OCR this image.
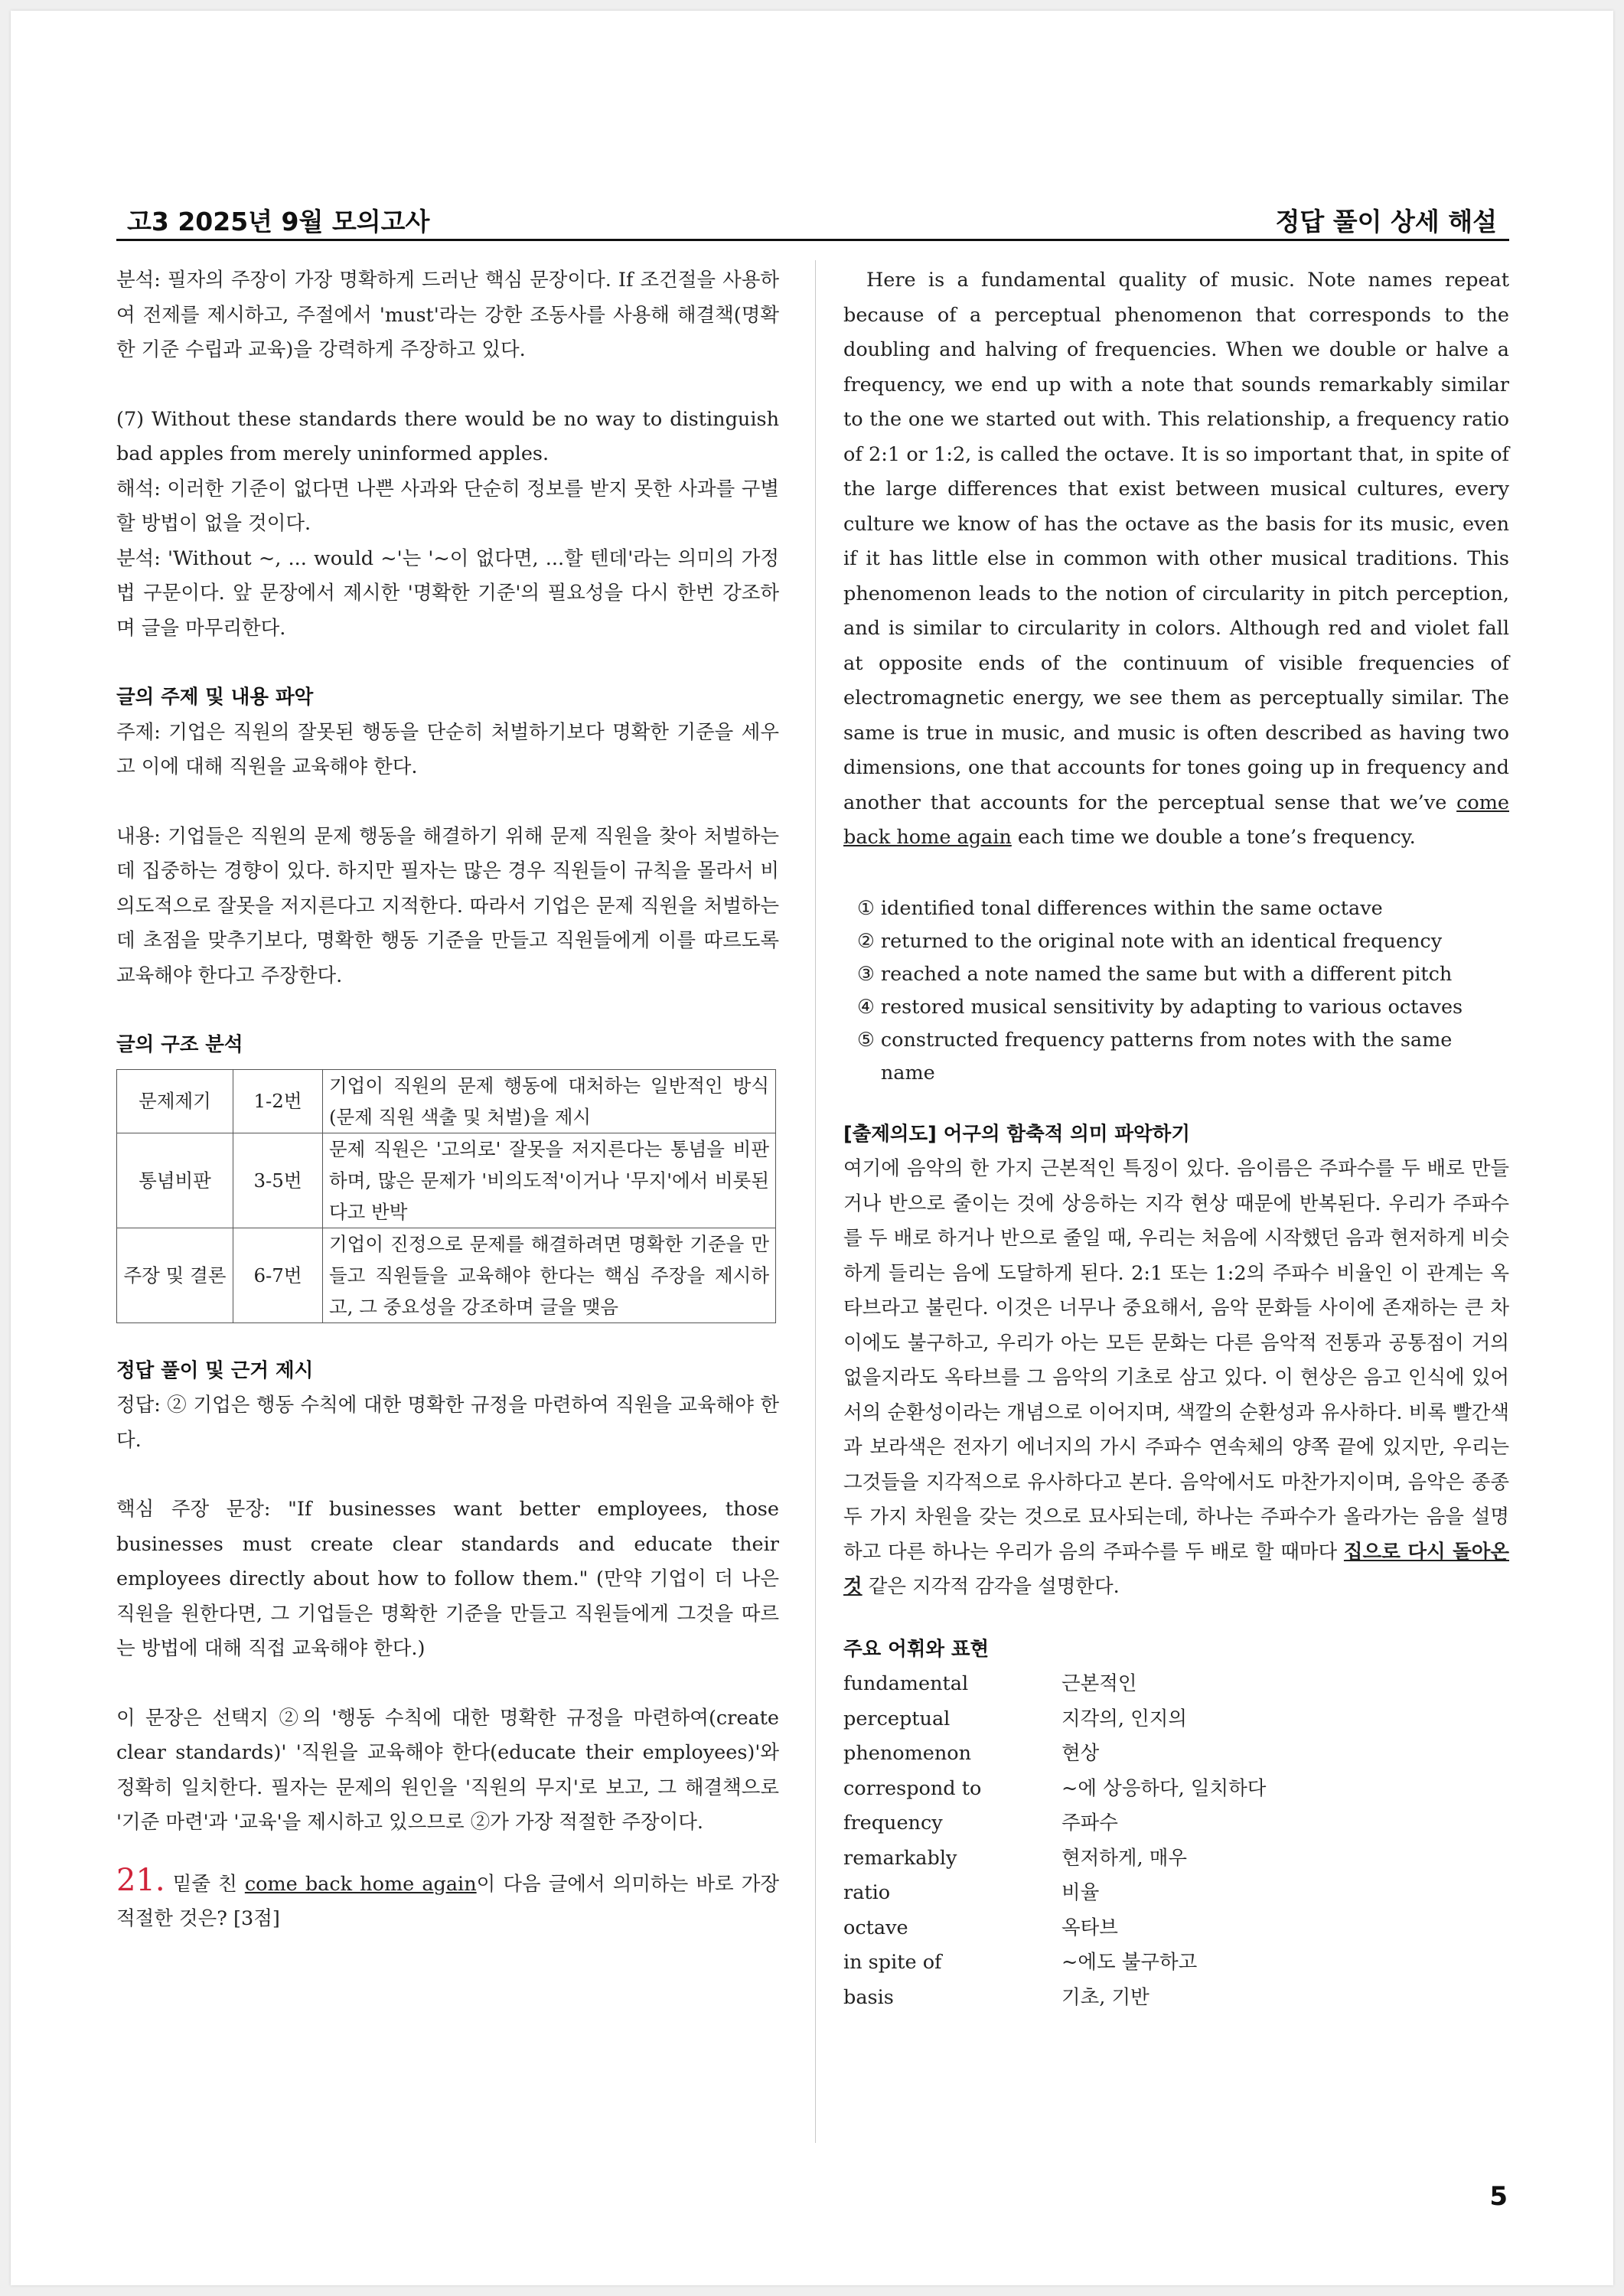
고3 2025년 9월 모의고사	정답 풀이 상세 해설

분석: 필자의 주장이 가장 명확하게 드러난 핵심 문장이다. If 조건절을 사용하여 전제를 제시하고, 주절에서 'must'라는 강한 조동사를 사용해 해결책(명확한 기준 수립과 교육)을 강력하게 주장하고 있다.

(7) Without these standards there would be no way to distinguish bad apples from merely uninformed apples.

해석: 이러한 기준이 없다면 나쁜 사과와 단순히 정보를 받지 못한 사과를 구별할 방법이 없을 것이다.

분석: 'Without ~, ... would ~'는 '~이 없다면, ...할 텐데'라는 의미의 가정법 구문이다. 앞 문장에서 제시한 '명확한 기준'의 필요성을 다시 한번 강조하며 글을 마무리한다.

글의 주제 및 내용 파악

주제: 기업은 직원의 잘못된 행동을 단순히 처벌하기보다 명확한 기준을 세우고 이에 대해 직원을 교육해야 한다.

내용: 기업들은 직원의 문제 행동을 해결하기 위해 문제 직원을 찾아 처벌하는 데 집중하는 경향이 있다. 하지만 필자는 많은 경우 직원들이 규칙을 몰라서 비의도적으로 잘못을 저지른다고 지적한다. 따라서 기업은 문제 직원을 처벌하는 데 초점을 맞추기보다, 명확한 행동 기준을 만들고 직원들에게 이를 따르도록 교육해야 한다고 주장한다.

글의 구조 분석
문제제기	1-2번	기업이 직원의 문제 행동에 대처하는 일반적인 방식(문제 직원 색출 및 처벌)을 제시
통념비판	3-5번	문제 직원은 '고의로' 잘못을 저지른다는 통념을 비판하며, 많은 문제가 '비의도적'이거나 '무지'에서 비롯된다고 반박
주장 및 결론	6-7번	기업이 진정으로 문제를 해결하려면 명확한 기준을 만들고 직원들을 교육해야 한다는 핵심 주장을 제시하고, 그 중요성을 강조하며 글을 맺음
정답 풀이 및 근거 제시

정답: ② 기업은 행동 수칙에 대한 명확한 규정을 마련하여 직원을 교육해야 한다.

핵심 주장 문장: "If businesses want better employees, those businesses must create clear standards and educate their employees directly about how to follow them." (만약 기업이 더 나은 직원을 원한다면, 그 기업들은 명확한 기준을 만들고 직원들에게 그것을 따르는 방법에 대해 직접 교육해야 한다.)

이 문장은 선택지 ②의 '행동 수칙에 대한 명확한 규정을 마련하여(create clear standards)' '직원을 교육해야 한다(educate their employees)'와 정확히 일치한다. 필자는 문제의 원인을 '직원의 무지'로 보고, 그 해결책으로 '기준 마련'과 '교육'을 제시하고 있으므로 ②가 가장 적절한 주장이다.

21. 밑줄 친 come back home again이 다음 글에서 의미하는 바로 가장 적절한 것은? [3점]

Here is a fundamental quality of music. Note names repeat because of a perceptual phenomenon that corresponds to the doubling and halving of frequencies. When we double or halve a frequency, we end up with a note that sounds remarkably similar to the one we started out with. This relationship, a frequency ratio of 2:1 or 1:2, is called the octave. It is so important that, in spite of the large differences that exist between musical cultures, every culture we know of has the octave as the basis for its music, even if it has little else in common with other musical traditions. This phenomenon leads to the notion of circularity in pitch perception, and is similar to circularity in colors. Although red and violet fall at opposite ends of the continuum of visible frequencies of electromagnetic energy, we see them as perceptually similar. The same is true in music, and music is often described as having two dimensions, one that accounts for tones going up in frequency and another that accounts for the perceptual sense that we’ve come back home again each time we double a tone’s frequency.

① identified tonal differences within the same octave
② returned to the original note with an identical frequency
③ reached a note named the same but with a different pitch
④ restored musical sensitivity by adapting to various octaves
⑤ constructed frequency patterns from notes with the same name
[출제의도] 어구의 함축적 의미 파악하기

여기에 음악의 한 가지 근본적인 특징이 있다. 음이름은 주파수를 두 배로 만들거나 반으로 줄이는 것에 상응하는 지각 현상 때문에 반복된다. 우리가 주파수를 두 배로 하거나 반으로 줄일 때, 우리는 처음에 시작했던 음과 현저하게 비슷하게 들리는 음에 도달하게 된다. 2:1 또는 1:2의 주파수 비율인 이 관계는 옥타브라고 불린다. 이것은 너무나 중요해서, 음악 문화들 사이에 존재하는 큰 차이에도 불구하고, 우리가 아는 모든 문화는 다른 음악적 전통과 공통점이 거의 없을지라도 옥타브를 그 음악의 기초로 삼고 있다. 이 현상은 음고 인식에 있어서의 순환성이라는 개념으로 이어지며, 색깔의 순환성과 유사하다. 비록 빨간색과 보라색은 전자기 에너지의 가시 주파수 연속체의 양쪽 끝에 있지만, 우리는 그것들을 지각적으로 유사하다고 본다. 음악에서도 마찬가지이며, 음악은 종종 두 가지 차원을 갖는 것으로 묘사되는데, 하나는 주파수가 올라가는 음을 설명하고 다른 하나는 우리가 음의 주파수를 두 배로 할 때마다 집으로 다시 돌아온 것 같은 지각적 감각을 설명한다.

주요 어휘와 표현
fundamental	근본적인
perceptual	지각의, 인지의
phenomenon	현상
correspond to	~에 상응하다, 일치하다
frequency	주파수
remarkably	현저하게, 매우
ratio	비율
octave	옥타브
in spite of	~에도 불구하고
basis	기초, 기반
5
